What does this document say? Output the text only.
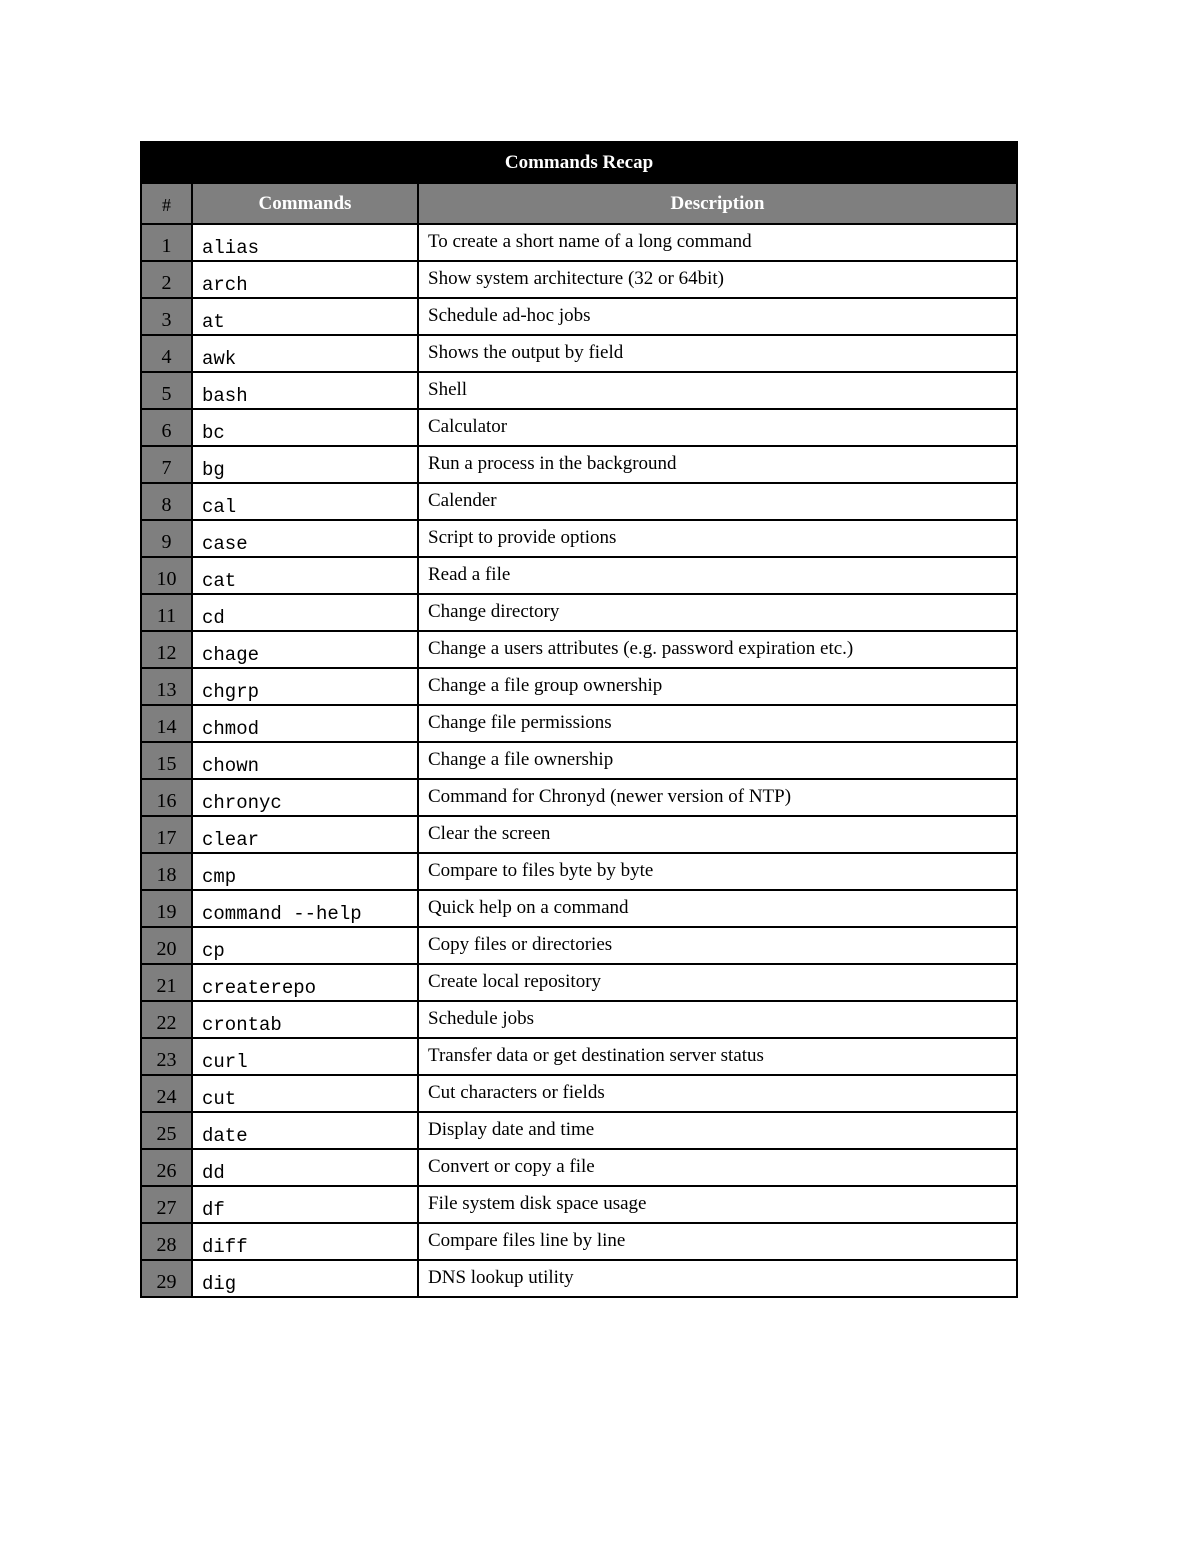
Commands Recap		
#	Commands	Description
1	alias	To create a short name of a long command
2	arch	Show system architecture (32 or 64bit)
3	at	Schedule ad-hoc jobs
4	awk	Shows the output by field
5	bash	Shell
6	bc	Calculator
7	bg	Run a process in the background
8	cal	Calender
9	case	Script to provide options
10	cat	Read a file
11	cd	Change directory
12	chage	Change a users attributes (e.g. password expiration etc.)
13	chgrp	Change a file group ownership
14	chmod	Change file permissions
15	chown	Change a file ownership
16	chronyc	Command for Chronyd (newer version of NTP)
17	clear	Clear the screen
18	cmp	Compare to files byte by byte
19	command --help	Quick help on a command
20	cp	Copy files or directories
21	createrepo	Create local repository
22	crontab	Schedule jobs
23	curl	Transfer data or get destination server status
24	cut	Cut characters or fields
25	date	Display date and time
26	dd	Convert or copy a file
27	df	File system disk space usage
28	diff	Compare files line by line
29	dig	DNS lookup utility
